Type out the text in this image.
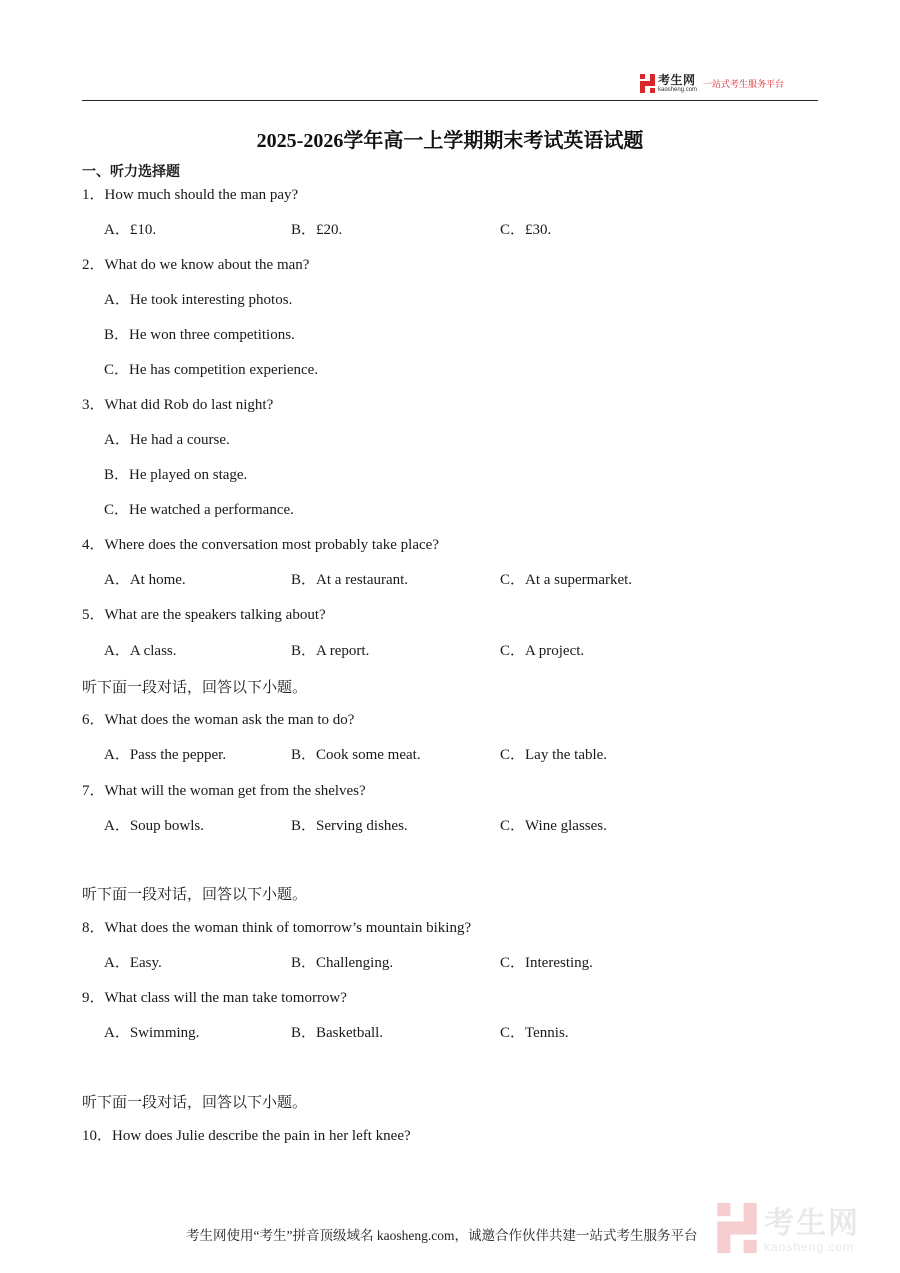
考生网
kaosheng.com 一站式考生服务平台
2025-2026学年高一上学期期末考试英语试题
一、听力选择题
1．How much should the man pay?
A．£10.	B．£20.	C．£30.
2．What do we know about the man?
A．He took interesting photos.
B．He won three competitions.
C．He has competition experience.
3．What did Rob do last night?
A．He had a course.
B．He played on stage.
C．He watched a performance.
4．Where does the conversation most probably take place?
A．At home.	B．At a restaurant.	C．At a supermarket.
5．What are the speakers talking about?
A．A class.	B．A report.	C．A project.
听下面一段对话，回答以下小题。
6．What does the woman ask the man to do?
A．Pass the pepper.	B．Cook some meat.	C．Lay the table.
7．What will the woman get from the shelves?
A．Soup bowls.	B．Serving dishes.	C．Wine glasses.
听下面一段对话，回答以下小题。
8．What does the woman think of tomorrow’s mountain biking?
A．Easy.	B．Challenging.	C．Interesting.
9．What class will the man take tomorrow?
A．Swimming.	B．Basketball.	C．Tennis.
听下面一段对话，回答以下小题。
10．How does Julie describe the pain in her left knee?
考生网使用“考生”拼音顶级域名 kaosheng.com，诚邀合作伙伴共建一站式考生服务平台 考生网
kaosheng.com
